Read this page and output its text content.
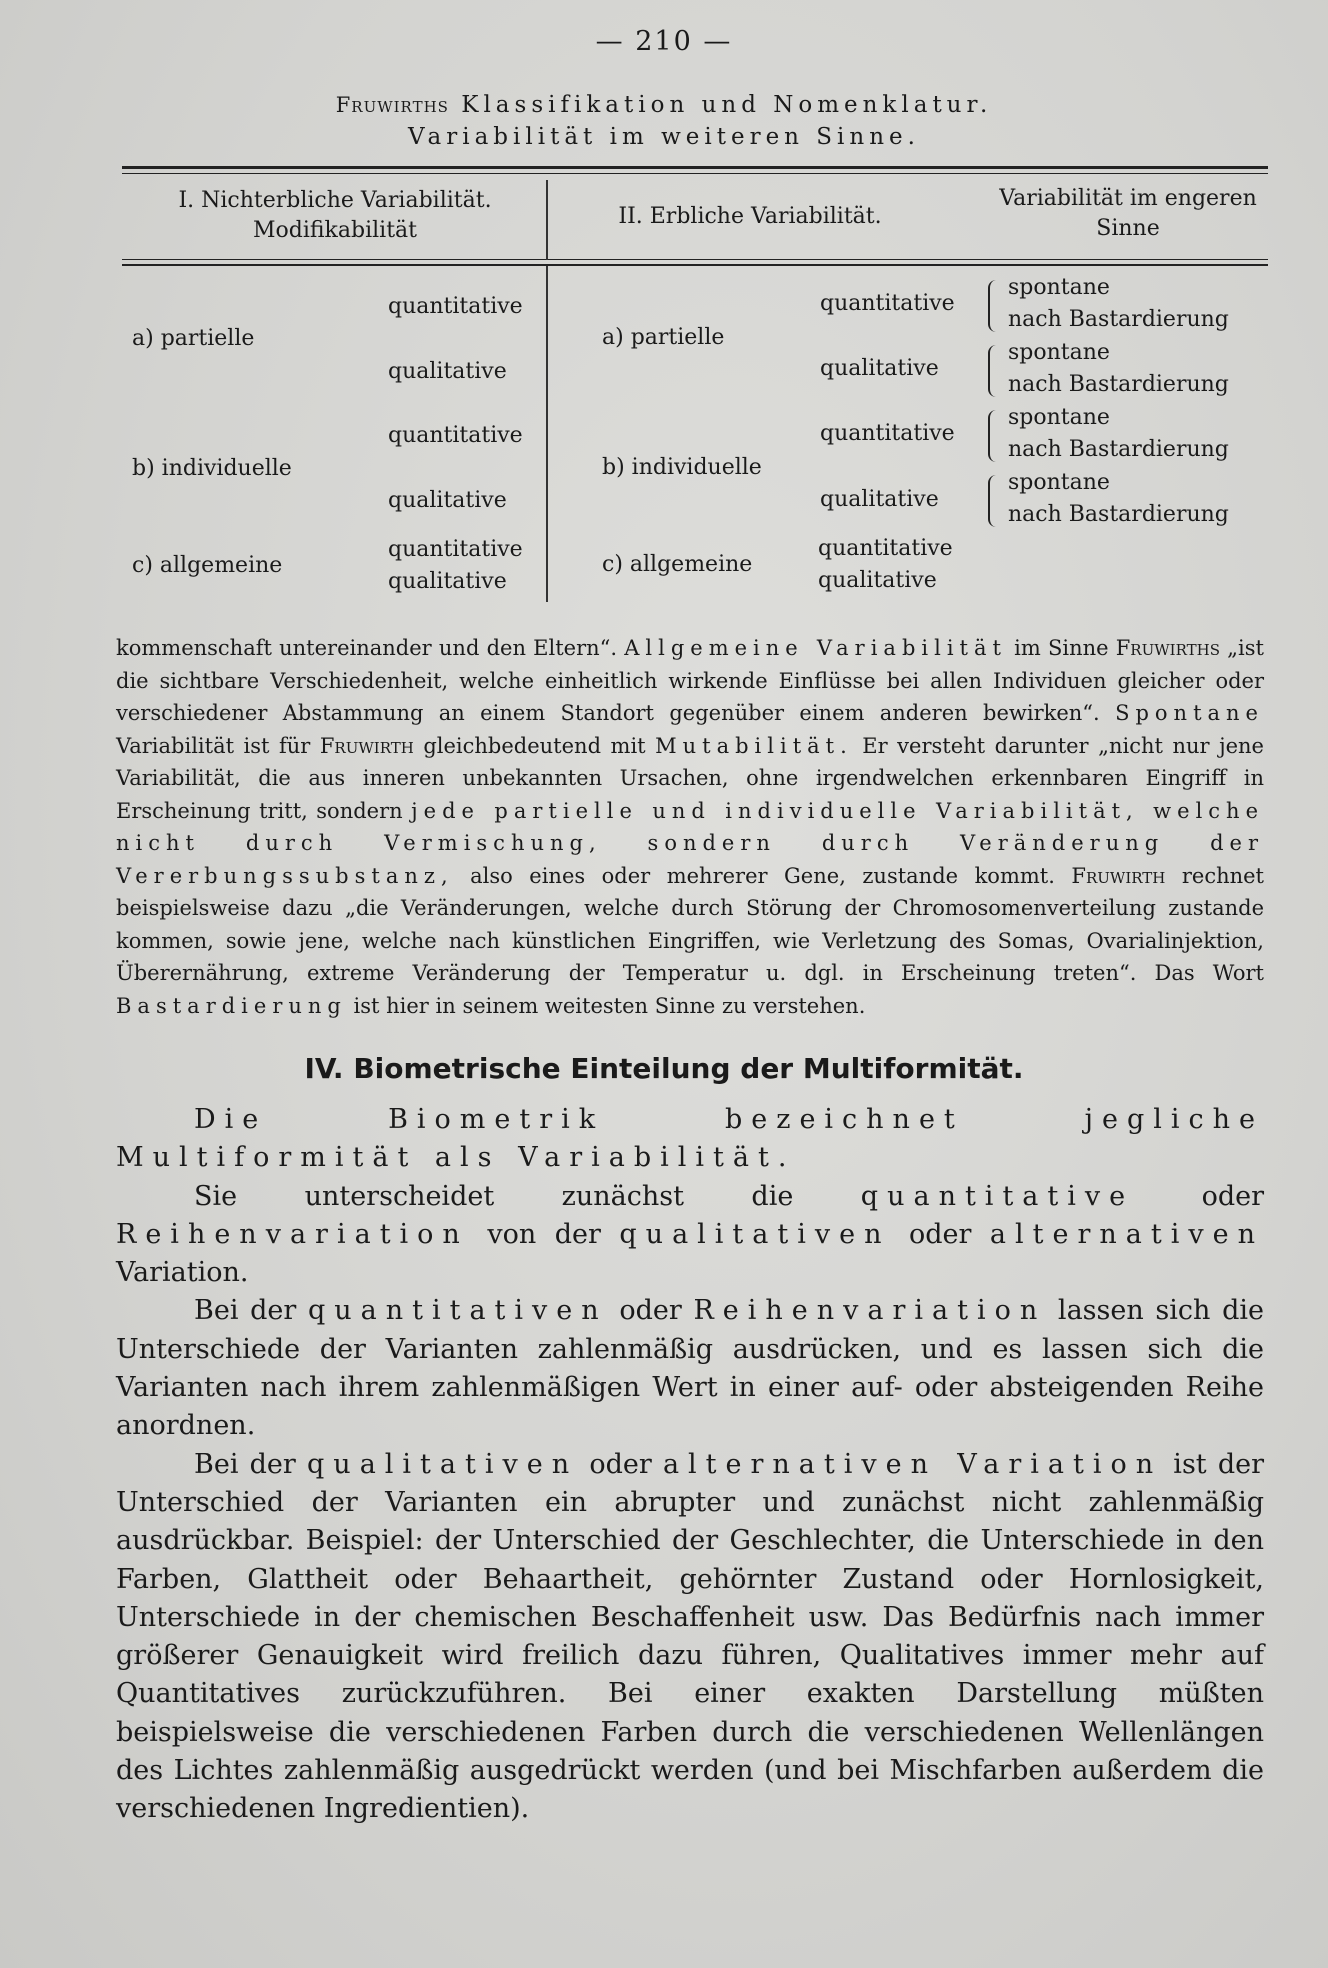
— 210 —
Fruwirths Klassifikation und Nomenklatur.
Variabilität im weiteren Sinne.
I. Nichterbliche Variabilität.
Modifikabilität
II. Erbliche Variabilität.
Variabilität im engeren
Sinne
a) partielle
quantitative
qualitative
b) individuelle
quantitative
qualitative
c) allgemeine
quantitative
qualitative
a) partielle
quantitative
qualitative
b) individuelle
quantitative
qualitative
c) allgemeine
quantitative
qualitative
spontane
nach Bastardierung
spontane
nach Bastardierung
spontane
nach Bastardierung
spontane
nach Bastardierung

kommenschaft untereinander und den Eltern“. Allgemeine Variabilität im Sinne Fruwirths „ist die sichtbare Verschiedenheit, welche einheitlich wirkende Einflüsse bei allen Individuen gleicher oder verschiedener Abstammung an einem Standort gegenüber einem anderen bewirken“. Spontane Variabilität ist für Fruwirth gleichbedeutend mit Mutabilität. Er versteht darunter „nicht nur jene Variabilität, die aus inneren unbekannten Ursachen, ohne irgendwelchen erkennbaren Eingriff in Erscheinung tritt, sondern jede partielle und individuelle Variabilität, welche nicht durch Vermischung, sondern durch Veränderung der Vererbungssubstanz, also eines oder mehrerer Gene, zustande kommt. Fruwirth rechnet beispielsweise dazu „die Veränderungen, welche durch Störung der Chromosomenverteilung zustande kommen, sowie jene, welche nach künstlichen Eingriffen, wie Verletzung des Somas, Ovarialinjektion, Überernährung, extreme Veränderung der Temperatur u. dgl. in Erscheinung treten“. Das Wort Bastardierung ist hier in seinem weitesten Sinne zu verstehen.

IV. Biometrische Einteilung der Multiformität.

Die Biometrik bezeichnet jegliche Multiformität als Variabilität.

Sie unterscheidet zunächst die quantitative oder Reihenvariation von der qualitativen oder alternativen Variation.

Bei der quantitativen oder Reihenvariation lassen sich die Unterschiede der Varianten zahlenmäßig ausdrücken, und es lassen sich die Varianten nach ihrem zahlenmäßigen Wert in einer auf- oder absteigenden Reihe anordnen.

Bei der qualitativen oder alternativen Variation ist der Unterschied der Varianten ein abrupter und zunächst nicht zahlenmäßig ausdrückbar. Beispiel: der Unterschied der Geschlechter, die Unterschiede in den Farben, Glattheit oder Behaartheit, gehörnter Zustand oder Hornlosigkeit, Unterschiede in der chemischen Beschaffenheit usw. Das Bedürfnis nach immer größerer Genauigkeit wird freilich dazu führen, Qualitatives immer mehr auf Quantitatives zurückzuführen. Bei einer exakten Darstellung müßten beispielsweise die verschiedenen Farben durch die verschiedenen Wellenlängen des Lichtes zahlenmäßig ausgedrückt werden (und bei Mischfarben außerdem die verschiedenen Ingredientien).
